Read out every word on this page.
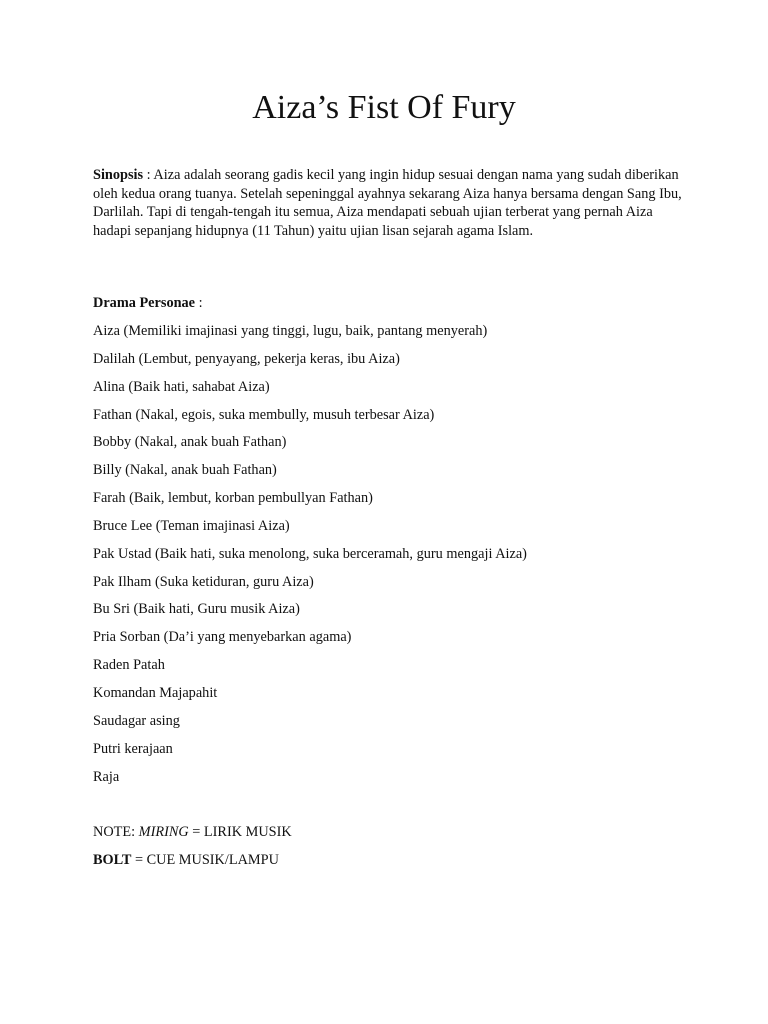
Aiza’s Fist Of Fury

Sinopsis : Aiza adalah seorang gadis kecil yang ingin hidup sesuai dengan nama yang sudah diberikan oleh kedua orang tuanya. Setelah sepeninggal ayahnya sekarang Aiza hanya bersama dengan Sang Ibu, Darlilah. Tapi di tengah-tengah itu semua, Aiza mendapati sebuah ujian terberat yang pernah Aiza hadapi sepanjang hidupnya (11 Tahun) yaitu ujian lisan sejarah agama Islam.

Drama Personae :

Aiza (Memiliki imajinasi yang tinggi, lugu, baik, pantang menyerah)
Dalilah (Lembut, penyayang, pekerja keras, ibu Aiza)
Alina (Baik hati, sahabat Aiza)
Fathan (Nakal, egois, suka membully, musuh terbesar Aiza)
Bobby (Nakal, anak buah Fathan)
Billy (Nakal, anak buah Fathan)
Farah (Baik, lembut, korban pembullyan Fathan)
Bruce Lee (Teman imajinasi Aiza)
Pak Ustad (Baik hati, suka menolong, suka berceramah, guru mengaji Aiza)
Pak Ilham (Suka ketiduran, guru Aiza)
Bu Sri (Baik hati, Guru musik Aiza)
Pria Sorban (Da’i yang menyebarkan agama)
Raden Patah
Komandan Majapahit
Saudagar asing
Putri kerajaan
Raja

NOTE: MIRING = LIRIK MUSIK

BOLT = CUE MUSIK/LAMPU
